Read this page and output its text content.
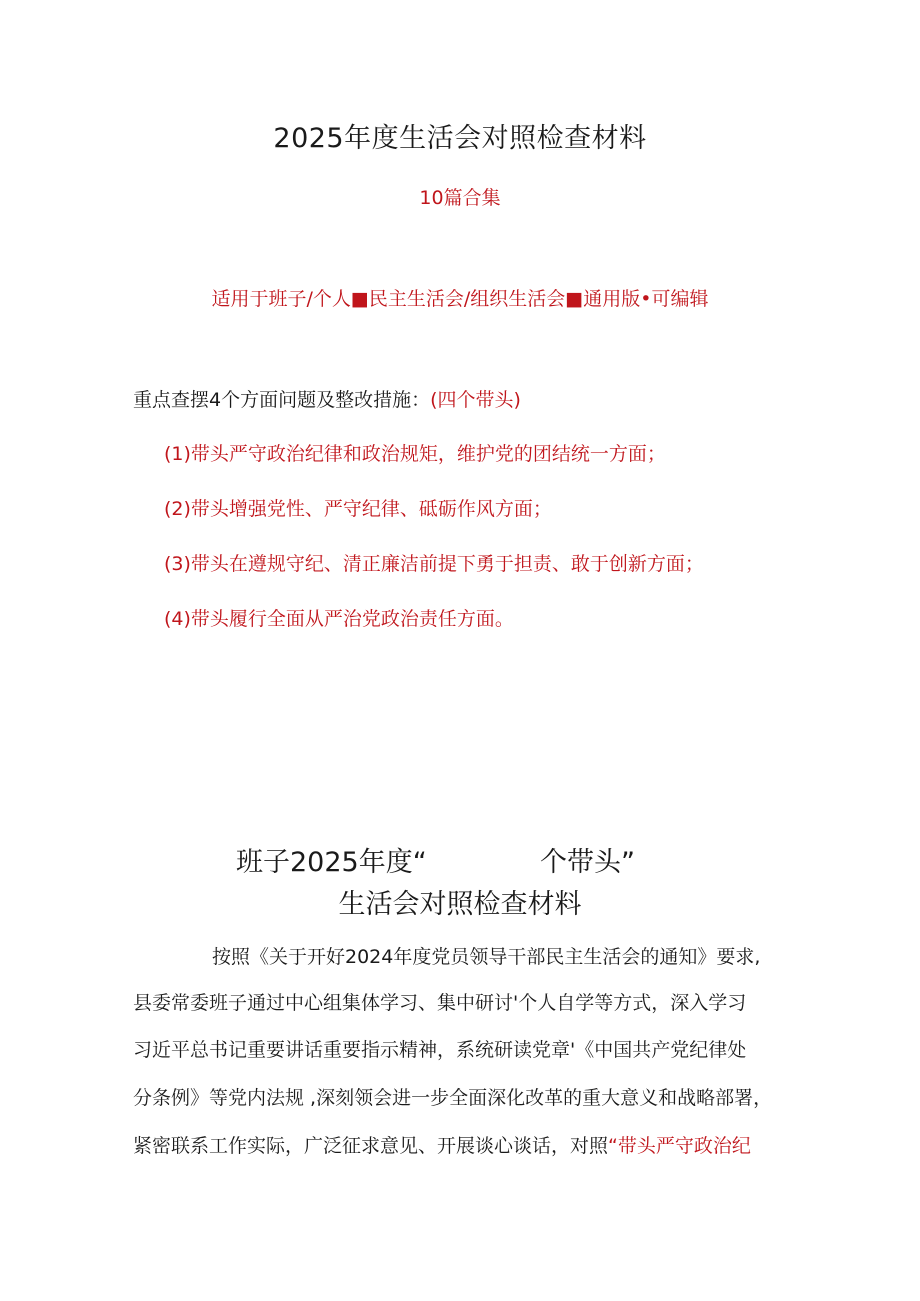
2025年度生活会对照检查材料
10篇合集
适用于班子/个人■民主生活会/组织生活会■通用版•可编辑
重点查摆4个方面问题及整改措施：(四个带头)
(1)带头严守政治纪律和政治规矩，维护党的团结统一方面；
(2)带头增强党性、严守纪律、砥砺作风方面；
(3)带头在遵规守纪、清正廉洁前提下勇于担责、敢于创新方面；
(4)带头履行全面从严治党政治责任方面。
班子2025年度“	个带头”
生活会对照检查材料
按照《关于开好2024年度党员领导干部民主生活会的通知》要求,
县委常委班子通过中心组集体学习、集中研讨'个人自学等方式，深入学习
习近平总书记重要讲话重要指示精神，系统研读党章'《中国共产党纪律处
分条例》等党内法规 ,深刻领会进一步全面深化改革的重大意义和战略部署，
紧密联系工作实际，广泛征求意见、开展谈心谈话，对照“带头严守政治纪
